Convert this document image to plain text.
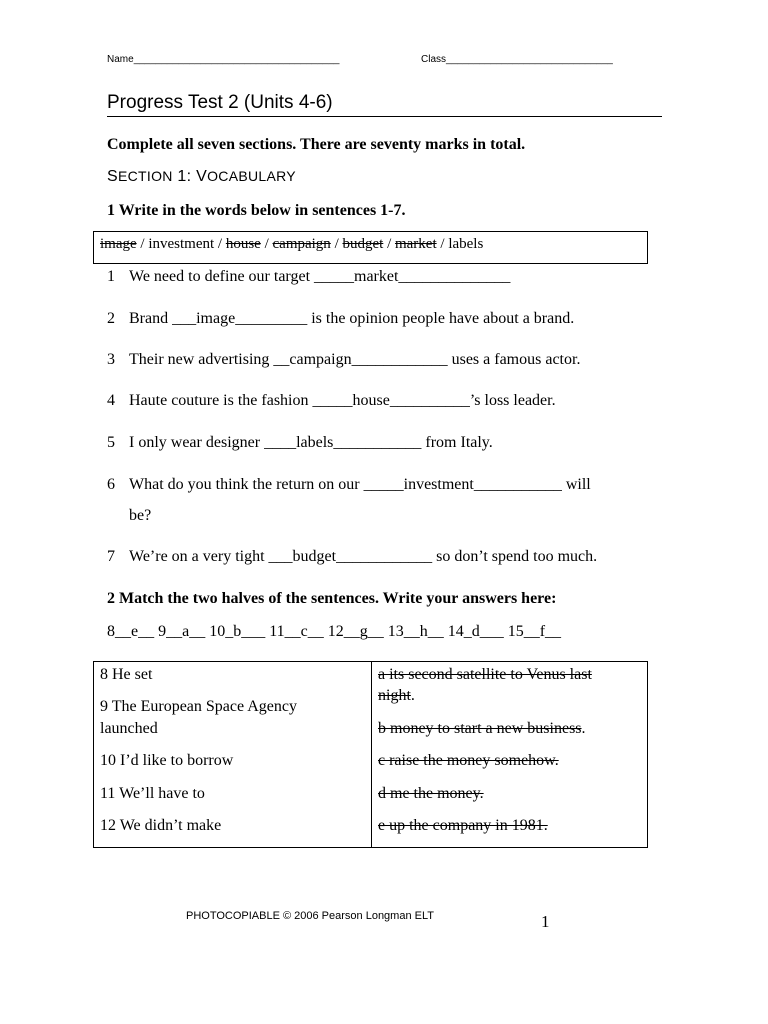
Name_____________________________________	Class______________________________
Progress Test 2 (Units 4-6)
Complete all seven sections. There are seventy marks in total.
SECTION 1: VOCABULARY
1 Write in the words below in sentences 1-7.
image / investment / house / campaign / budget / market / labels
1 We need to define our target _____market______________
2 Brand ___image_________ is the opinion people have about a brand.
3 Their new advertising __campaign____________ uses a famous actor.
4 Haute couture is the fashion _____house__________’s loss leader.
5 I only wear designer ____labels___________ from Italy.
6 What do you think the return on our _____investment___________ will
be?
7 We’re on a very tight ___budget____________ so don’t spend too much.
2 Match the two halves of the sentences. Write your answers here:
8__e__ 9__a__ 10_b___ 11__c__ 12__g__ 13__h__ 14_d___ 15__f__
8 He set
9 The European Space Agency
launched
10 I’d like to borrow
11 We’ll have to
12 We didn’t make
a its second satellite to Venus last
night.
b money to start a new business.
c raise the money somehow.
d me the money.
e up the company in 1981.
PHOTOCOPIABLE © 2006 Pearson Longman ELT	1
